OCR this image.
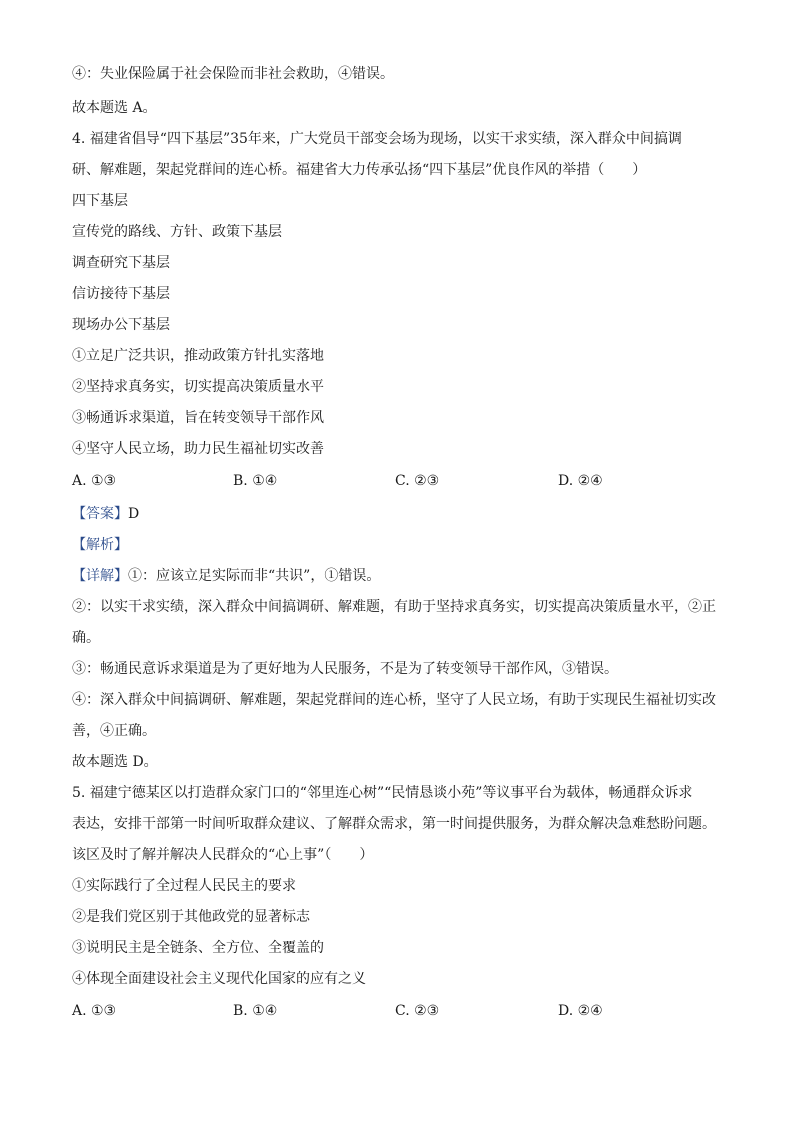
④：失业保险属于社会保险而非社会救助，④错误。
故本题选 A。
4. 福建省倡导“四下基层”35年来，广大党员干部变会场为现场，以实干求实绩，深入群众中间搞调
研、解难题，架起党群间的连心桥。福建省大力传承弘扬“四下基层”优良作风的举措（　　）
四下基层
宣传党的路线、方针、政策下基层
调查研究下基层
信访接待下基层
现场办公下基层
①立足广泛共识，推动政策方针扎实落地
②坚持求真务实，切实提高决策质量水平
③畅通诉求渠道，旨在转变领导干部作风
④坚守人民立场，助力民生福祉切实改善
A. ①③	B. ①④	C. ②③	D. ②④
【答案】D
【解析】
【详解】①：应该立足实际而非“共识”，①错误。
②：以实干求实绩，深入群众中间搞调研、解难题，有助于坚持求真务实，切实提高决策质量水平，②正
确。
③：畅通民意诉求渠道是为了更好地为人民服务，不是为了转变领导干部作风，③错误。
④：深入群众中间搞调研、解难题，架起党群间的连心桥，坚守了人民立场，有助于实现民生福祉切实改
善，④正确。
故本题选 D。
5. 福建宁德某区以打造群众家门口的“邻里连心树”“民情恳谈小苑”等议事平台为载体，畅通群众诉求
表达，安排干部第一时间听取群众建议、了解群众需求，第一时间提供服务，为群众解决急难愁盼问题。
该区及时了解并解决人民群众的“心上事”（　　）
①实际践行了全过程人民民主的要求
②是我们党区别于其他政党的显著标志
③说明民主是全链条、全方位、全覆盖的
④体现全面建设社会主义现代化国家的应有之义
A. ①③	B. ①④	C. ②③	D. ②④
